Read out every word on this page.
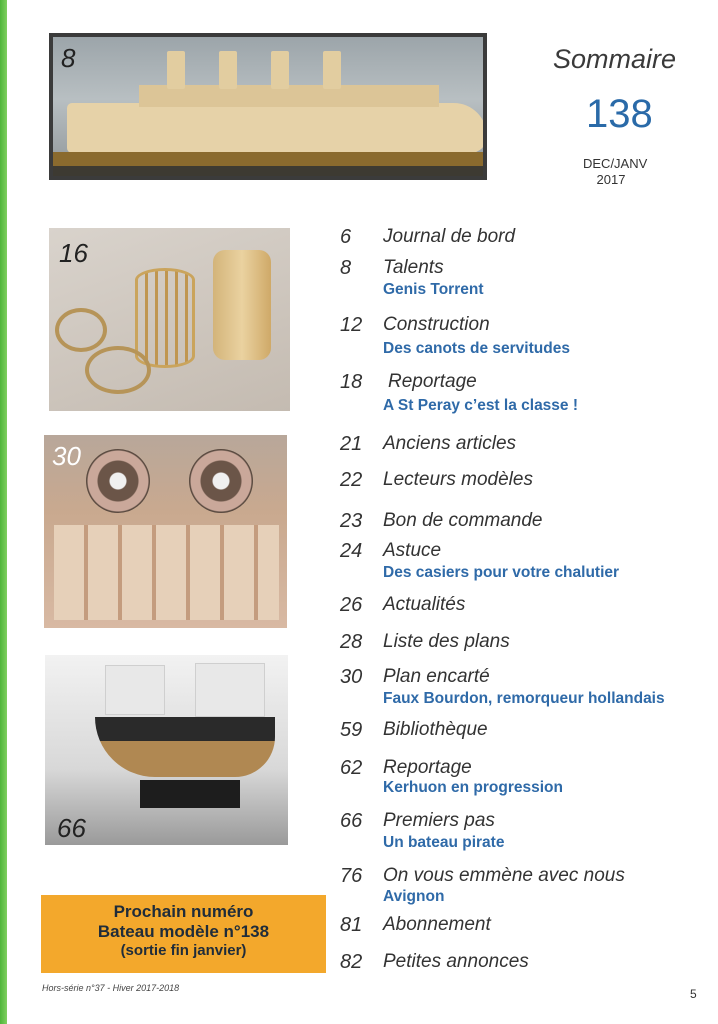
8
16
30
66
Sommaire
138
DEC/JANV
2017
6 Journal de bord
8 Talents
Genis Torrent
12 Construction
Des canots de servitudes
18 Reportage
A St Peray c’est la classe !
21 Anciens articles
22 Lecteurs modèles
23 Bon de commande
24 Astuce
Des casiers pour votre chalutier
26 Actualités
28 Liste des plans
30 Plan encarté
Faux Bourdon, remorqueur hollandais
59 Bibliothèque
62 Reportage
Kerhuon en progression
66 Premiers pas
Un bateau pirate
76 On vous emmène avec nous
Avignon
81 Abonnement
82 Petites annonces
Prochain numéro
Bateau modèle n°138
(sortie fin janvier)
Hors-série n°37 - Hiver 2017-2018	5
